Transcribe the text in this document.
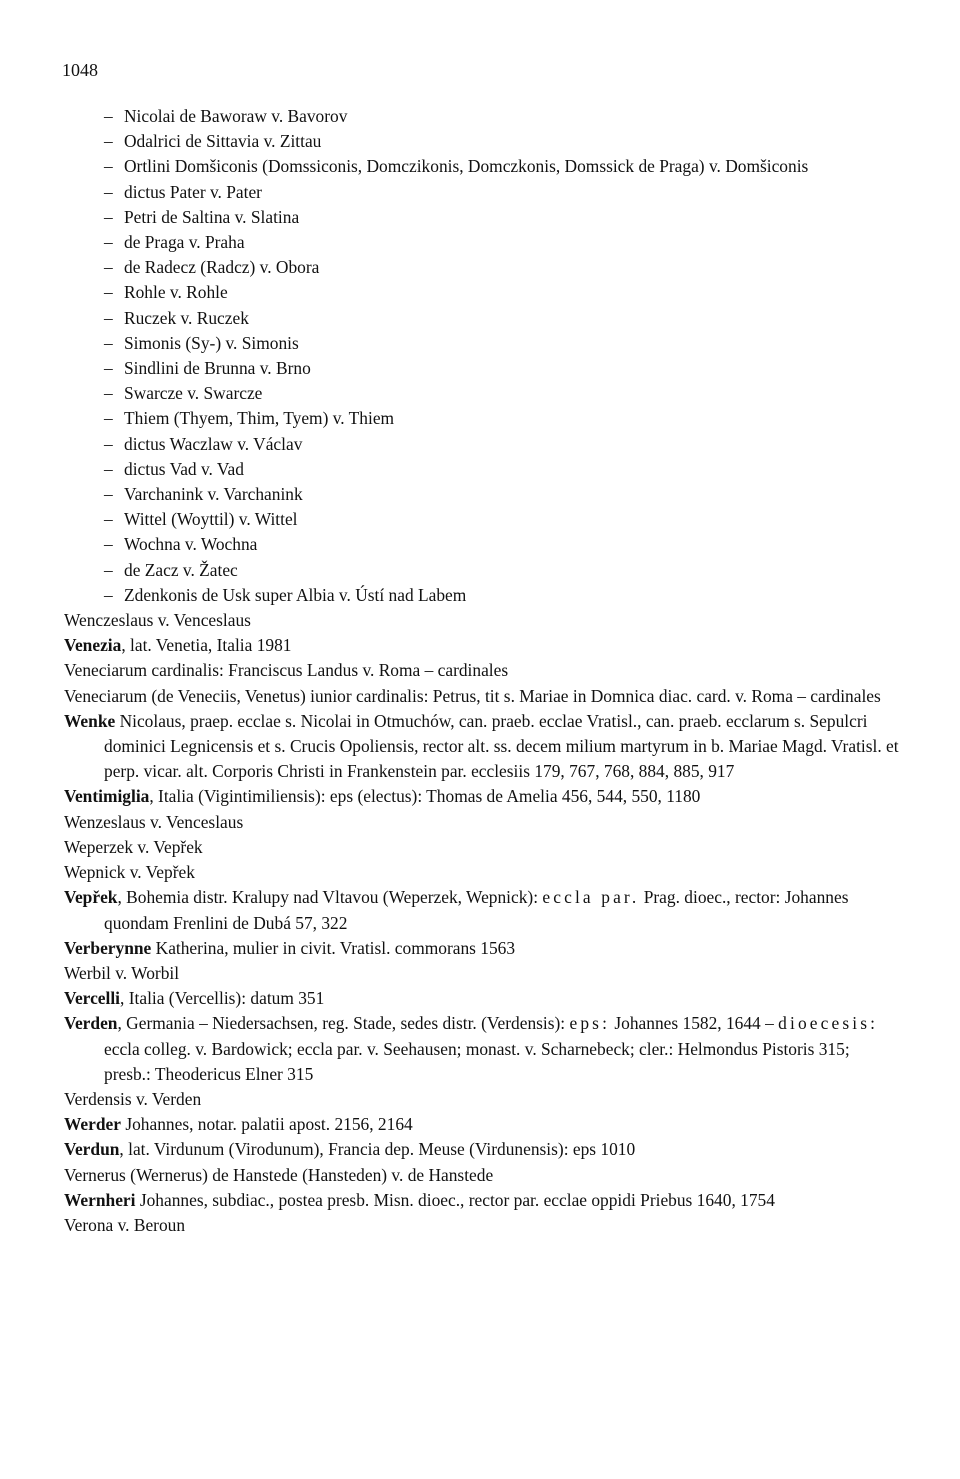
1048

– Nicolai de Baworaw v. Bavorov

– Odalrici de Sittavia v. Zittau

– Ortlini Domšiconis (Domssiconis, Domczikonis, Domczkonis, Domssick de Praga) v. Domšiconis

– dictus Pater v. Pater

– Petri de Saltina v. Slatina

– de Praga v. Praha

– de Radecz (Radcz) v. Obora

– Rohle v. Rohle

– Ruczek v. Ruczek

– Simonis (Sy-) v. Simonis

– Sindlini de Brunna v. Brno

– Swarcze v. Swarcze

– Thiem (Thyem, Thim, Tyem) v. Thiem

– dictus Waczlaw v. Václav

– dictus Vad v. Vad

– Varchanink v. Varchanink

– Wittel (Woyttil) v. Wittel

– Wochna v. Wochna

– de Zacz v. Žatec

– Zdenkonis de Usk super Albia v. Ústí nad Labem

Wenczeslaus v. Venceslaus

Venezia, lat. Venetia, Italia 1981

Veneciarum cardinalis: Franciscus Landus v. Roma – cardinales

Veneciarum (de Veneciis, Venetus) iunior cardinalis: Petrus, tit s. Mariae in Domnica diac. card. v. Roma – cardinales

Wenke Nicolaus, praep. ecclae s. Nicolai in Otmuchów, can. praeb. ecclae Vratisl., can. praeb. ecclarum s. Sepulcri dominici Legnicensis et s. Crucis Opoliensis, rector alt. ss. decem milium martyrum in b. Mariae Magd. Vratisl. et perp. vicar. alt. Corporis Christi in Frankenstein par. ecclesiis 179, 767, 768, 884, 885, 917

Ventimiglia, Italia (Vigintimiliensis): eps (electus): Thomas de Amelia 456, 544, 550, 1180

Wenzeslaus v. Venceslaus

Weperzek v. Vepřek

Wepnick v. Vepřek

Vepřek, Bohemia distr. Kralupy nad Vltavou (Weperzek, Wepnick): eccla par. Prag. dioec., rector: Johannes quondam Frenlini de Dubá 57, 322

Verberynne Katherina, mulier in civit. Vratisl. commorans 1563

Werbil v. Worbil

Vercelli, Italia (Vercellis): datum 351

Verden, Germania – Niedersachsen, reg. Stade, sedes distr. (Verdensis): eps: Johannes 1582, 1644 – dioecesis: eccla colleg. v. Bardowick; eccla par. v. Seehausen; monast. v. Scharnebeck; cler.: Helmondus Pistoris 315; presb.: Theodericus Elner 315

Verdensis v. Verden

Werder Johannes, notar. palatii apost. 2156, 2164

Verdun, lat. Virdunum (Virodunum), Francia dep. Meuse (Virdunensis): eps 1010

Vernerus (Wernerus) de Hanstede (Hansteden) v. de Hanstede

Wernheri Johannes, subdiac., postea presb. Misn. dioec., rector par. ecclae oppidi Priebus 1640, 1754

Verona v. Beroun
